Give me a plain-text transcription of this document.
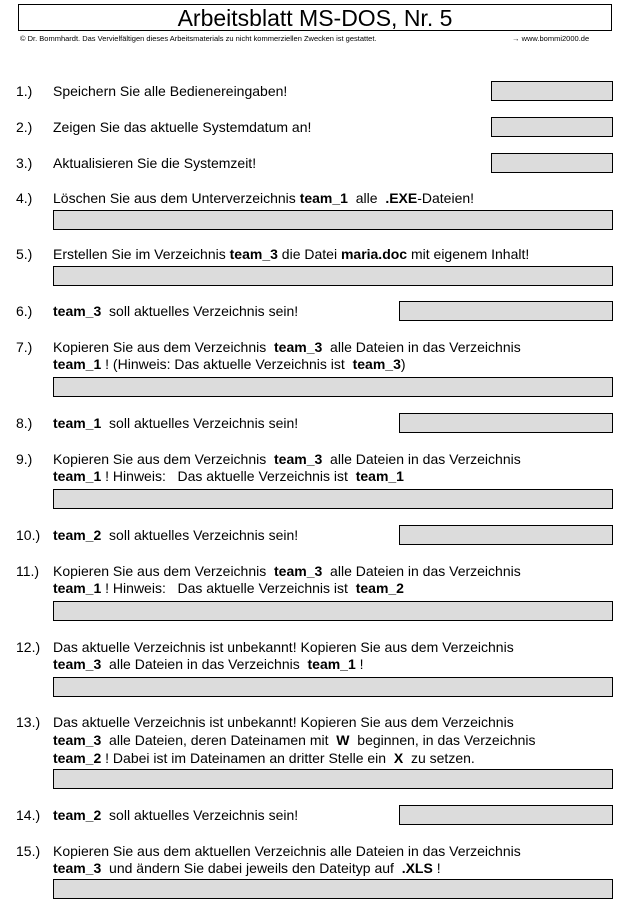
Arbeitsblatt MS-DOS, Nr. 5
© Dr. Bommhardt. Das Vervielfältigen dieses Arbeitsmaterials zu nicht kommerziellen Zwecken ist gestattet.	→ www.bommi2000.de
1.) Speichern Sie alle Bedienereingaben!
2.) Zeigen Sie das aktuelle Systemdatum an!
3.) Aktualisieren Sie die Systemzeit!
4.) Löschen Sie aus dem Unterverzeichnis team_1  alle  .EXE-Dateien!
5.) Erstellen Sie im Verzeichnis team_3 die Datei maria.doc mit eigenem Inhalt!
6.) team_3  soll aktuelles Verzeichnis sein!
7.) Kopieren Sie aus dem Verzeichnis  team_3  alle Dateien in das Verzeichnis
team_1 ! (Hinweis: Das aktuelle Verzeichnis ist  team_3)
8.) team_1  soll aktuelles Verzeichnis sein!
9.) Kopieren Sie aus dem Verzeichnis  team_3  alle Dateien in das Verzeichnis
team_1 ! Hinweis:   Das aktuelle Verzeichnis ist  team_1
10.) team_2  soll aktuelles Verzeichnis sein!
11.) Kopieren Sie aus dem Verzeichnis  team_3  alle Dateien in das Verzeichnis
team_1 ! Hinweis:   Das aktuelle Verzeichnis ist  team_2
12.) Das aktuelle Verzeichnis ist unbekannt! Kopieren Sie aus dem Verzeichnis
team_3  alle Dateien in das Verzeichnis  team_1 !
13.) Das aktuelle Verzeichnis ist unbekannt! Kopieren Sie aus dem Verzeichnis
team_3  alle Dateien, deren Dateinamen mit  W  beginnen, in das Verzeichnis
team_2 ! Dabei ist im Dateinamen an dritter Stelle ein  X  zu setzen.
14.) team_2  soll aktuelles Verzeichnis sein!
15.) Kopieren Sie aus dem aktuellen Verzeichnis alle Dateien in das Verzeichnis
team_3  und ändern Sie dabei jeweils den Dateityp auf  .XLS !
